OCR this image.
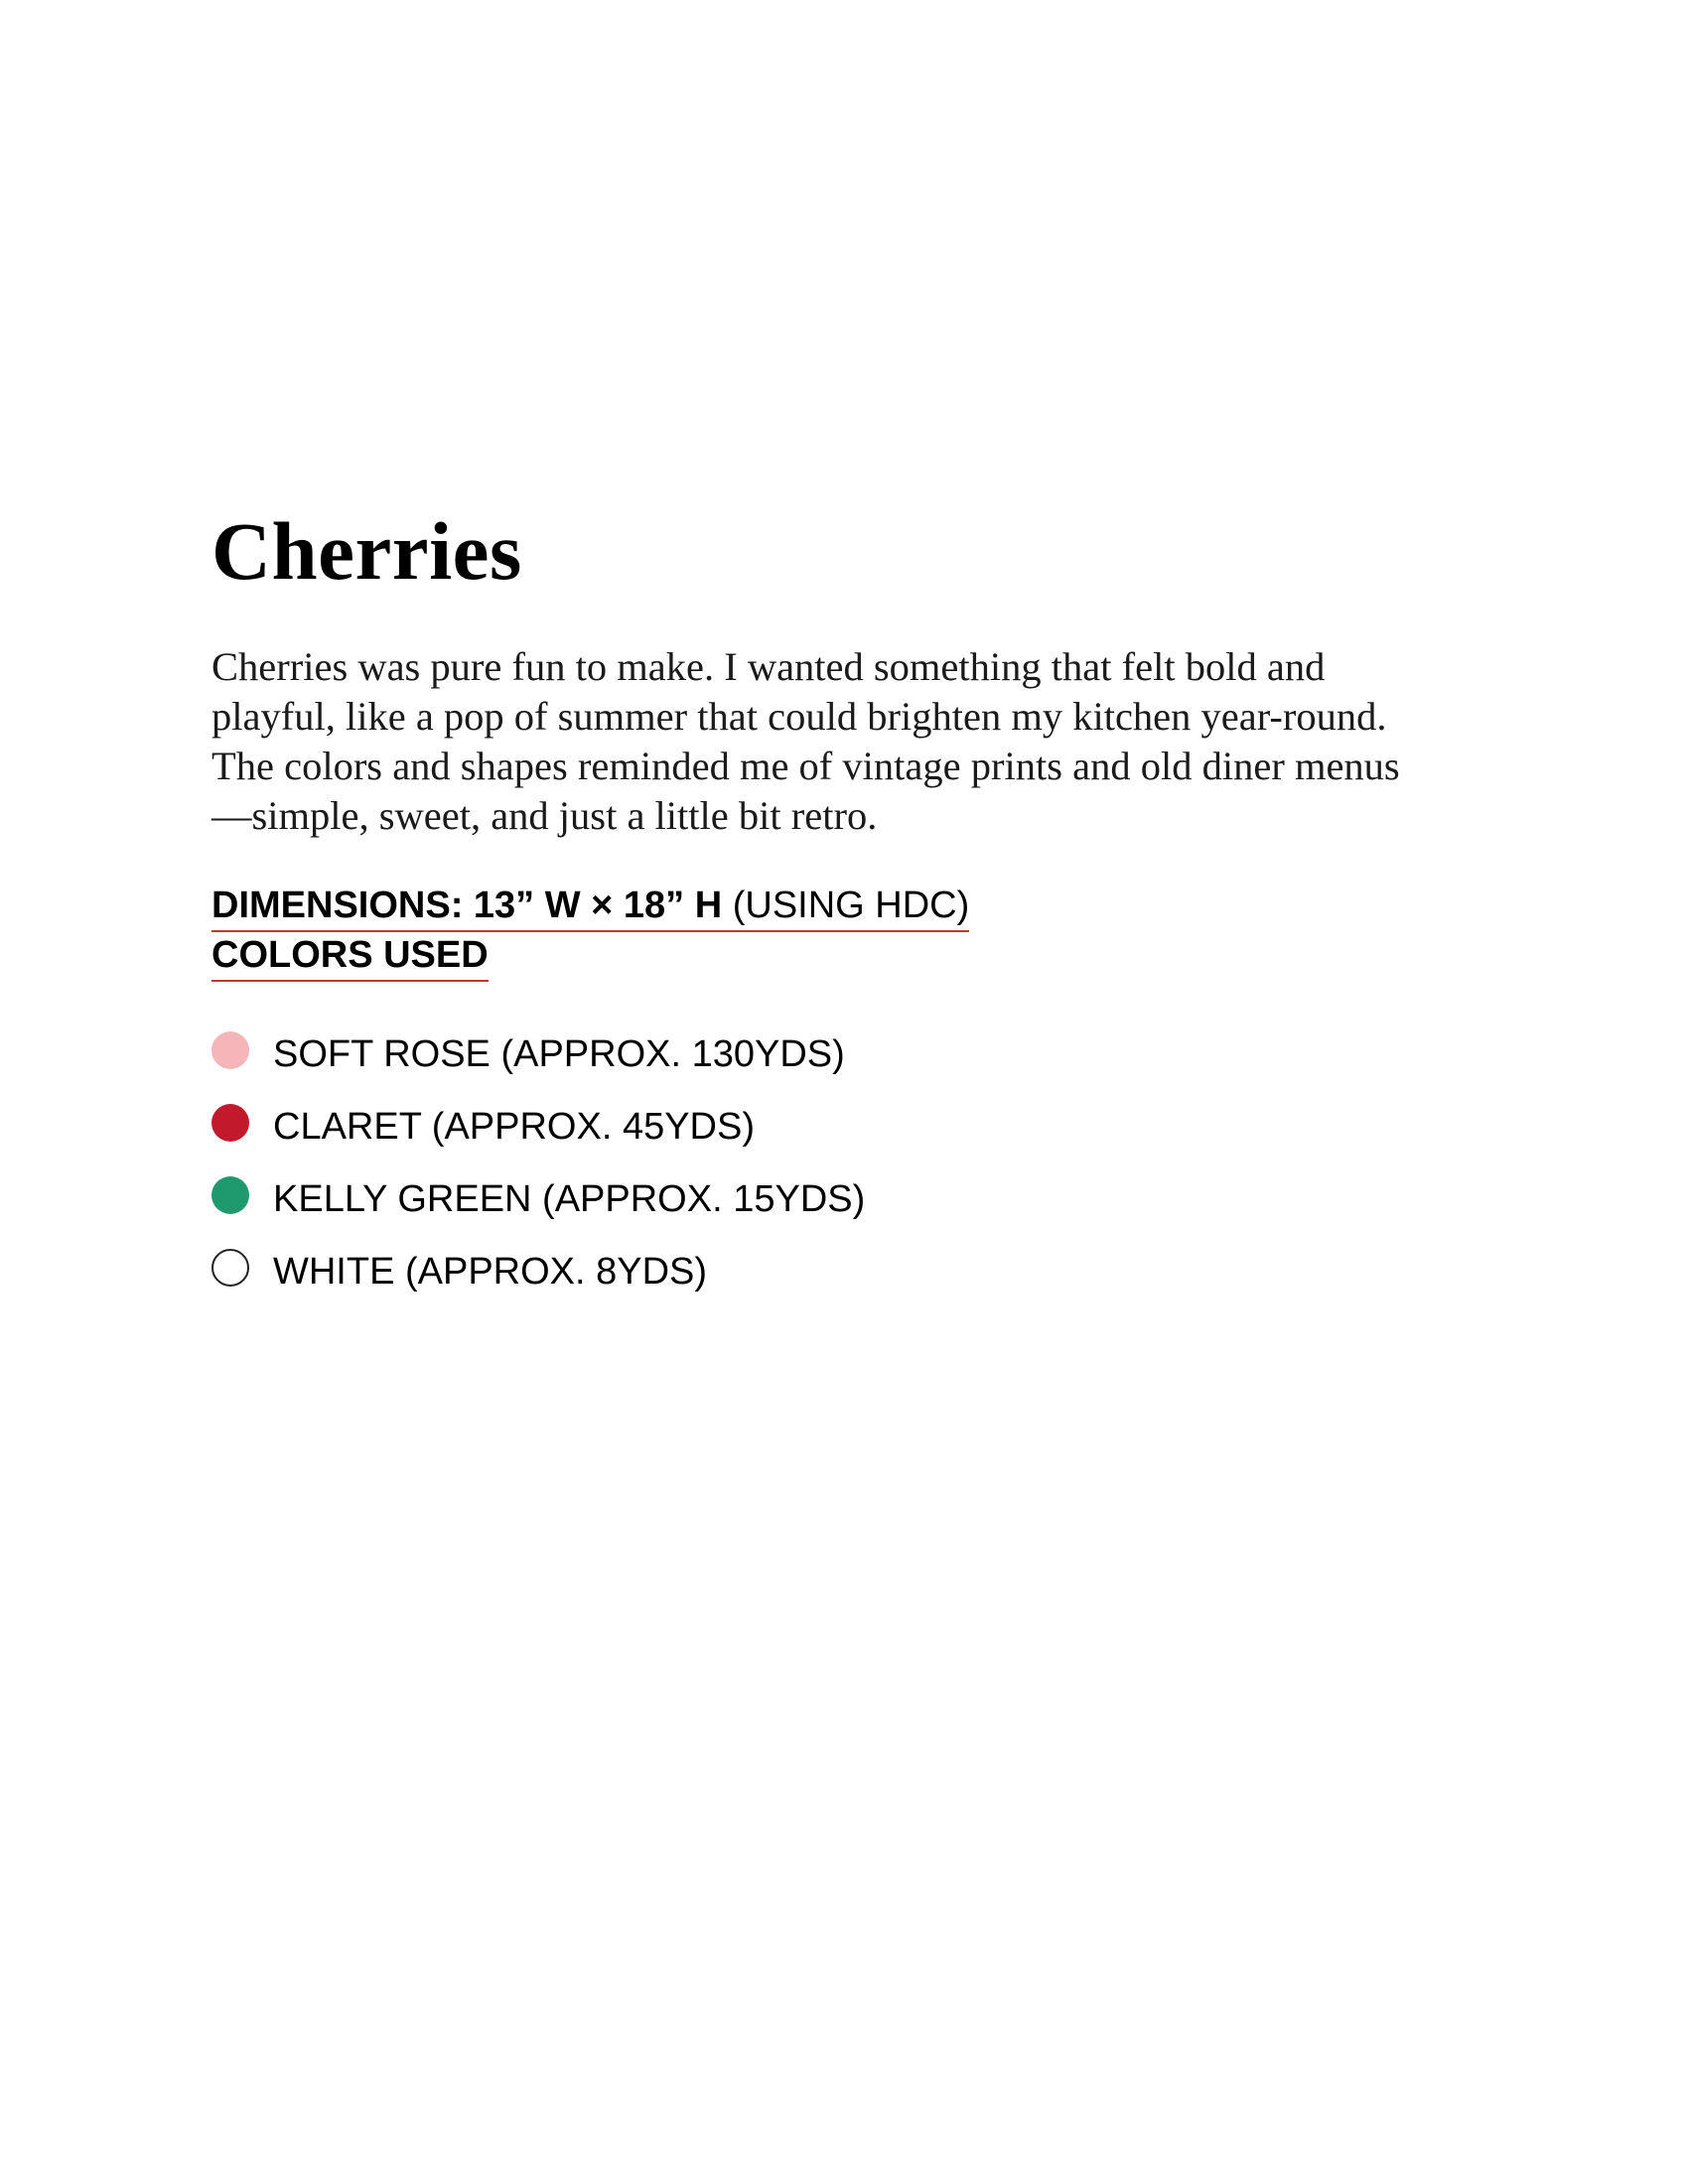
Cherries

Cherries was pure fun to make. I wanted something that felt bold and
playful, like a pop of summer that could brighten my kitchen year-round.
The colors and shapes reminded me of vintage prints and old diner menus
—simple, sweet, and just a little bit retro.

DIMENSIONS: 13” W × 18” H (USING HDC)
COLORS USED
SOFT ROSE (APPROX. 130YDS)
CLARET (APPROX. 45YDS)
KELLY GREEN (APPROX. 15YDS)
WHITE (APPROX. 8YDS)
